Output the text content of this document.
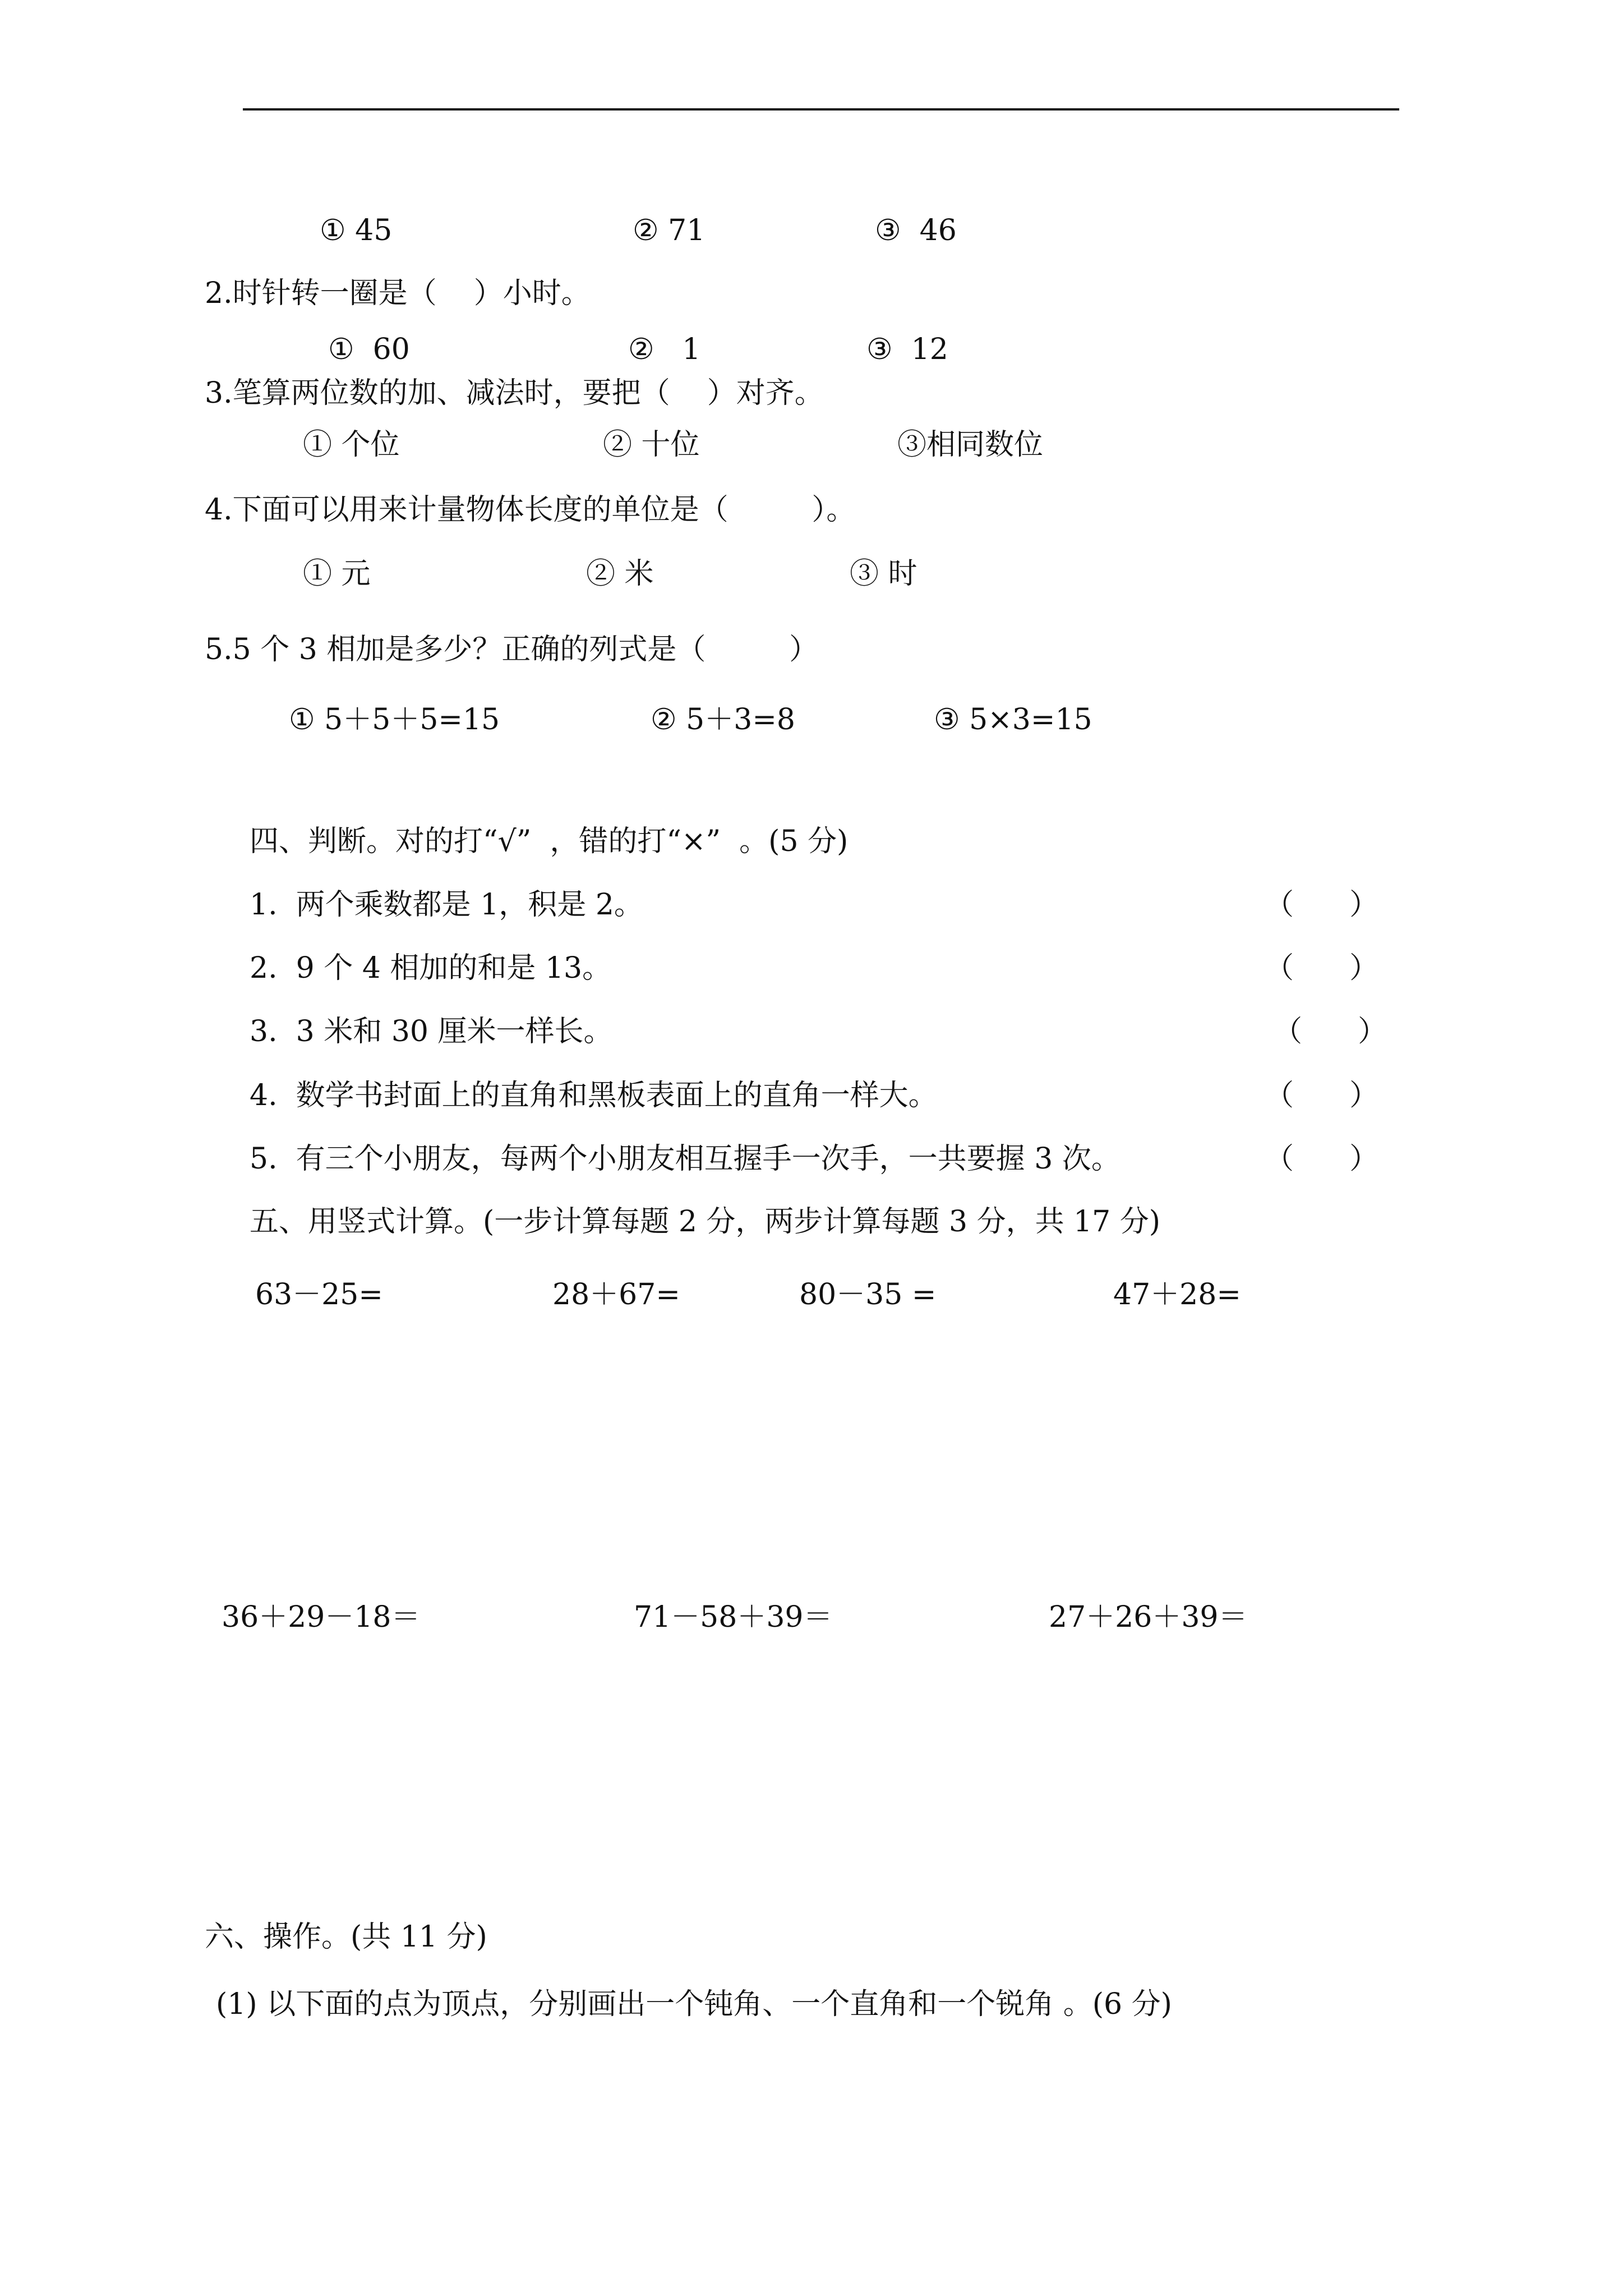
① 45	② 71	③  46
2.时针转一圈是（    ）小时。
①  60	②   1	③  12
3.笔算两位数的加、减法时，要把（    ）对齐。
① 个位	② 十位	③相同数位
4.下面可以用来计量物体长度的单位是（         ）。
① 元	② 米	③ 时
5.5 个 3 相加是多少？正确的列式是（         ）
① 5＋5＋5=15	② 5＋3=8	③ 5×3=15
四、判断。对的打“√”  ，错的打“×”  。(5 分)
1.  两个乘数都是 1，积是 2。	（      ）
2.  9 个 4 相加的和是 13。	（      ）
3.  3 米和 30 厘米一样长。	（      ）
4.  数学书封面上的直角和黑板表面上的直角一样大。	（      ）
5.  有三个小朋友，每两个小朋友相互握手一次手，一共要握 3 次。	（      ）
五、用竖式计算。(一步计算每题 2 分，两步计算每题 3 分，共 17 分)
63－25=	28＋67=	80－35 =	47＋28=
36＋29－18＝	71－58＋39＝	27＋26＋39＝
六、操作。(共 11 分)
(1) 以下面的点为顶点，分别画出一个钝角、一个直角和一个锐角 。(6 分)
